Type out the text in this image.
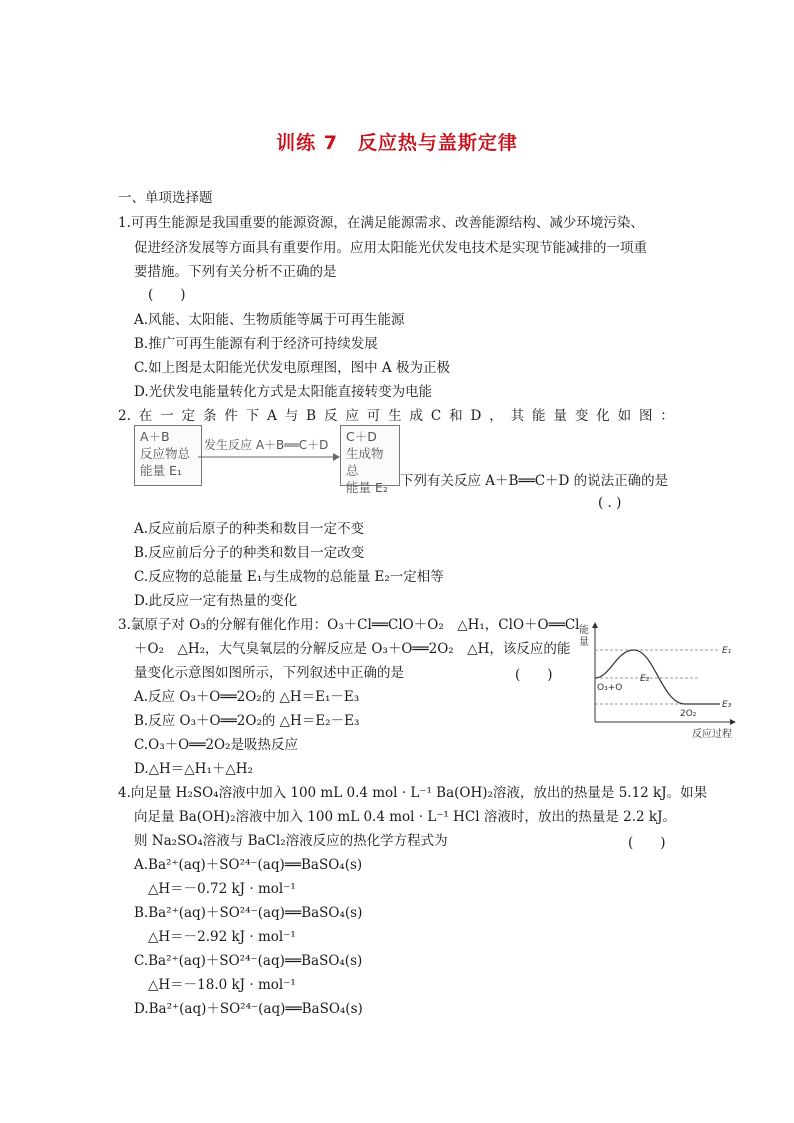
训练 7　反应热与盖斯定律
一、单项选择题
1.可再生能源是我国重要的能源资源，在满足能源需求、改善能源结构、减少环境污染、
促进经济发展等方面具有重要作用。应用太阳能光伏发电技术是实现节能减排的一项重
要措施。下列有关分析不正确的是
(　　)
A.风能、太阳能、生物质能等属于可再生能源
B.推广可再生能源有利于经济可持续发展
C.如上图是太阳能光伏发电原理图，图中 A 极为正极
D.光伏发电能量转化方式是太阳能直接转变为电能
2. 在 一 定 条 件 下 A 与 B 反 应 可 生 成 C 和 D ， 其 能 量 变 化 如 图 ：
A＋B
反应物总
能量 E₁
发生反应 A＋B══C＋D
C＋D
生成物总
能量 E₂ 下列有关反应 A＋B══C＋D 的说法正确的是
( . )
A.反应前后原子的种类和数目一定不变
B.反应前后分子的种类和数目一定改变
C.反应物的总能量 E₁与生成物的总能量 E₂一定相等
D.此反应一定有热量的变化
3.氯原子对 O₃的分解有催化作用：O₃＋Cl══ClO＋O₂　△H₁，ClO＋O══Cl
＋O₂　△H₂，大气臭氧层的分解反应是 O₃＋O══2O₂　△H，该反应的能
量变化示意图如图所示，下列叙述中正确的是	(　　)
A.反应 O₃＋O══2O₂的 △H＝E₁－E₃
B.反应 O₃＋O══2O₂的 △H＝E₂－E₃
C.O₃＋O══2O₂是吸热反应
D.△H＝△H₁＋△H₂
能
量
反应过程
E₁
E₂
E₃
O₃+O
2O₂
4.向足量 H₂SO₄溶液中加入 100 mL 0.4 mol · L⁻¹ Ba(OH)₂溶液，放出的热量是 5.12 kJ。如果
向足量 Ba(OH)₂溶液中加入 100 mL 0.4 mol · L⁻¹ HCl 溶液时，放出的热量是 2.2 kJ。
则 Na₂SO₄溶液与 BaCl₂溶液反应的热化学方程式为	(　　)
A.Ba²⁺(aq)＋SO²⁴⁻(aq)══BaSO₄(s)
△H＝－0.72 kJ · mol⁻¹
B.Ba²⁺(aq)＋SO²⁴⁻(aq)══BaSO₄(s)
△H＝－2.92 kJ · mol⁻¹
C.Ba²⁺(aq)＋SO²⁴⁻(aq)══BaSO₄(s)
△H＝－18.0 kJ · mol⁻¹
D.Ba²⁺(aq)＋SO²⁴⁻(aq)══BaSO₄(s)
